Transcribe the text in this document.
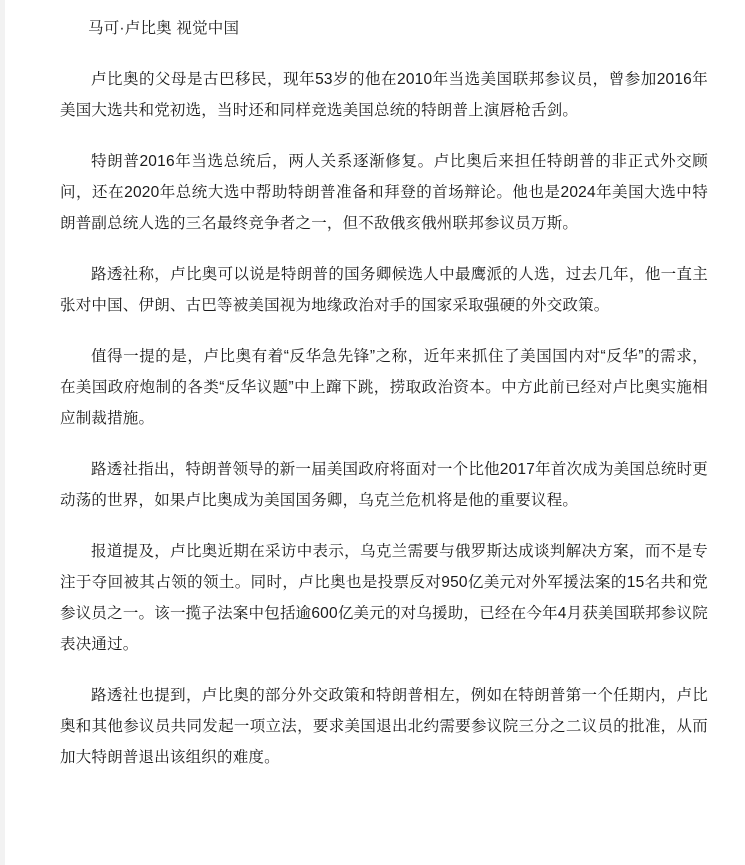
马可·卢比奥 视觉中国

卢比奥的父母是古巴移民，现年53岁的他在2010年当选美国联邦参议员，曾参加2016年美国大选共和党初选，当时还和同样竞选美国总统的特朗普上演唇枪舌剑。

特朗普2016年当选总统后，两人关系逐渐修复。卢比奥后来担任特朗普的非正式外交顾问，还在2020年总统大选中帮助特朗普准备和拜登的首场辩论。他也是2024年美国大选中特朗普副总统人选的三名最终竞争者之一，但不敌俄亥俄州联邦参议员万斯。

路透社称，卢比奥可以说是特朗普的国务卿候选人中最鹰派的人选，过去几年，他一直主张对中国、伊朗、古巴等被美国视为地缘政治对手的国家采取强硬的外交政策。

值得一提的是，卢比奥有着“反华急先锋”之称，近年来抓住了美国国内对“反华”的需求，在美国政府炮制的各类“反华议题”中上蹿下跳，捞取政治资本。中方此前已经对卢比奥实施相应制裁措施。

路透社指出，特朗普领导的新一届美国政府将面对一个比他2017年首次成为美国总统时更动荡的世界，如果卢比奥成为美国国务卿，乌克兰危机将是他的重要议程。

报道提及，卢比奥近期在采访中表示，乌克兰需要与俄罗斯达成谈判解决方案，而不是专注于夺回被其占领的领土。同时，卢比奥也是投票反对950亿美元对外军援法案的15名共和党参议员之一。该一揽子法案中包括逾600亿美元的对乌援助，已经在今年4月获美国联邦参议院表决通过。

路透社也提到，卢比奥的部分外交政策和特朗普相左，例如在特朗普第一个任期内，卢比奥和其他参议员共同发起一项立法，要求美国退出北约需要参议院三分之二议员的批准，从而加大特朗普退出该组织的难度。
